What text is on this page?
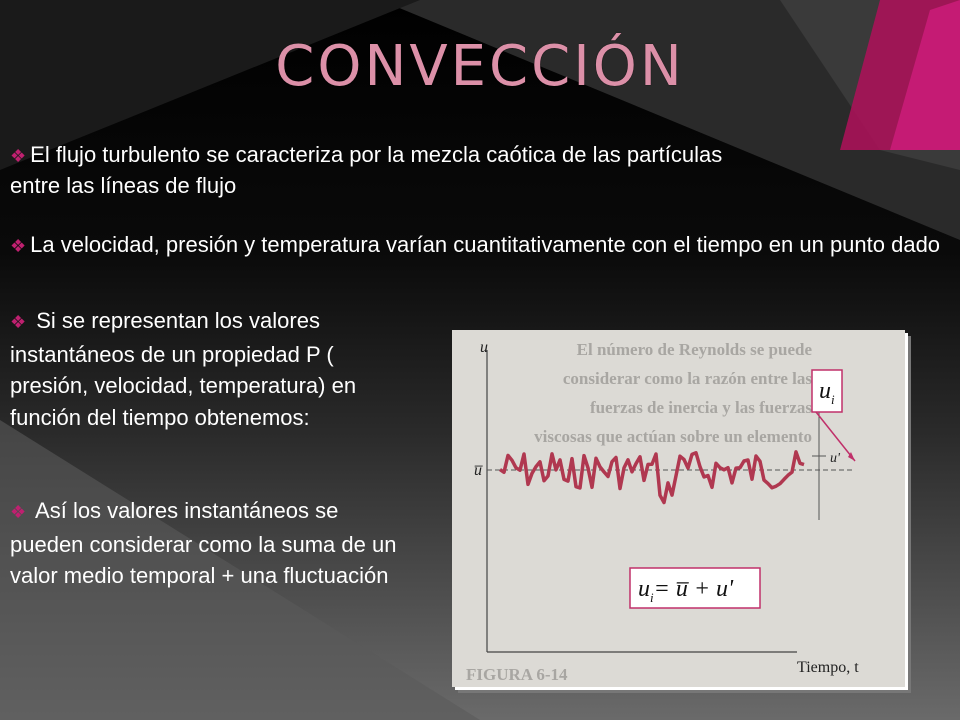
CONVECCIÓN
❖ El flujo turbulento se caracteriza por la mezcla caótica de las partículas entre las líneas de flujo
❖ La velocidad, presión y temperatura varían cuantitativamente con el tiempo en un punto dado
❖ Si se representan los valores instantáneos de un propiedad P ( presión, velocidad, temperatura) en función del tiempo obtenemos:
❖ Así los valores instantáneos se pueden considerar como la suma de un valor medio temporal + una fluctuación
El número de Reynolds se puede
considerar como la razón entre las
fuerzas de inercia y las fuerzas
viscosas que actúan sobre un elemento
FIGURA 6-14
u
u̅
Tiempo, t
u'
$u_i$
$u_i=$ u̅ + u'
